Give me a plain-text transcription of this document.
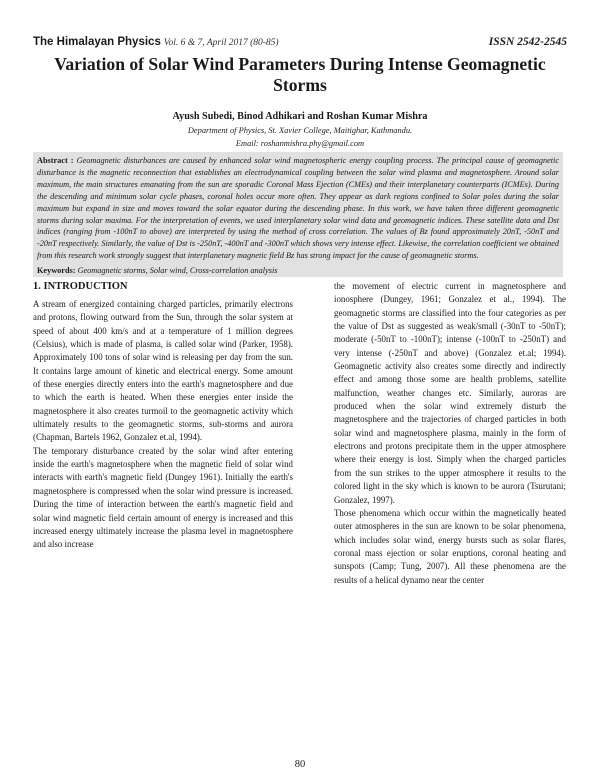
The Himalayan Physics Vol. 6 & 7, April 2017 (80-85)	ISSN 2542-2545
Variation of Solar Wind Parameters During Intense Geomagnetic Storms
Ayush Subedi, Binod Adhikari and Roshan Kumar Mishra
Department of Physics, St. Xavier College, Maitighar, Kathmandu.
Email: roshanmishra.phy@gmail.com
Abstract : Geomagnetic disturbances are caused by enhanced solar wind magnetospheric energy coupling process. The principal cause of geomagnetic disturbance is the magnetic reconnection that establishes an electrodynamical coupling between the solar wind plasma and magnetosphere. Around solar maximum, the main structures emanating from the sun are sporadic Coronal Mass Ejection (CMEs) and their interplanetary counterparts (ICMEs). During the descending and minimum solar cycle phases, coronal holes occur more often. They appear as dark regions confined to Solar poles during the solar maximum but expand in size and moves toward the solar equator during the descending phase. In this work, we have taken three different geomagnetic storms during solar maxima. For the interpretation of events, we used interplanetary solar wind data and geomagnetic indices. These satellite data and Dst indices (ranging from -100nT to above) are interpreted by using the method of cross correlation. The values of Bz found approximately 20nT, -50nT and -20nT respectively. Similarly, the value of Dst is -250nT, -400nT and -300nT which shows very intense effect. Likewise, the correlation coefficient we obtained from this research work strongly suggest that interplanetary magnetic field Bz has strong impact for the cause of geomagnetic storms.
Keywords: Geomagnetic storms, Solar wind, Cross-correlation analysis
1. INTRODUCTION

A stream of energized containing charged particles, primarily electrons and protons, flowing outward from the Sun, through the solar system at speed of about 400 km/s and at a temperature of 1 million degrees (Celsius), which is made of plasma, is called solar wind (Parker, 1958). Approximately 100 tons of solar wind is releasing per day from the sun. It contains large amount of kinetic and electrical energy. Some amount of these energies directly enters into the earth's magnetosphere and due to which the earth is heated. When these energies enter inside the magnetosphere it also creates turmoil to the geomagnetic activity which ultimately results to the geomagnetic storms, sub-storms and aurora (Chapman, Bartels 1962, Gonzalez et.al, 1994).

The temporary disturbance created by the solar wind after entering inside the earth's magnetosphere when the magnetic field of solar wind interacts with earth's magnetic field (Dungey 1961). Initially the earth's magnetosphere is compressed when the solar wind pressure is increased. During the time of interaction between the earth's magnetic field and solar wind magnetic field certain amount of energy is increased and this increased energy ultimately increase the plasma level in magnetosphere and also increase

the movement of electric current in magnetosphere and ionosphere (Dungey, 1961; Gonzalez et al., 1994). The geomagnetic storms are classified into the four categories as per the value of Dst as suggested as weak/small (-30nT to -50nT); moderate (-50nT to -100nT); intense (-100nT to -250nT) and very intense (-250nT and above) (Gonzalez et.al; 1994). Geomagnetic activity also creates some directly and indirectly effect and among those some are health problems, satellite malfunction, weather changes etc. Similarly, auroras are produced when the solar wind extremely disturb the magnetosphere and the trajectories of charged particles in both solar wind and magnetosphere plasma, mainly in the form of electrons and protons precipitate them in the upper atmosphere where their energy is lost. Simply when the charged particles from the sun strikes to the upper atmosphere it results to the colored light in the sky which is known to be aurora (Tsurutani; Gonzalez, 1997).

Those phenomena which occur within the magnetically heated outer atmospheres in the sun are known to be solar phenomena, which includes solar wind, energy bursts such as solar flares, coronal mass ejection or solar eruptions, coronal heating and sunspots (Camp; Tung, 2007). All these phenomena are the results of a helical dynamo near the center

80
